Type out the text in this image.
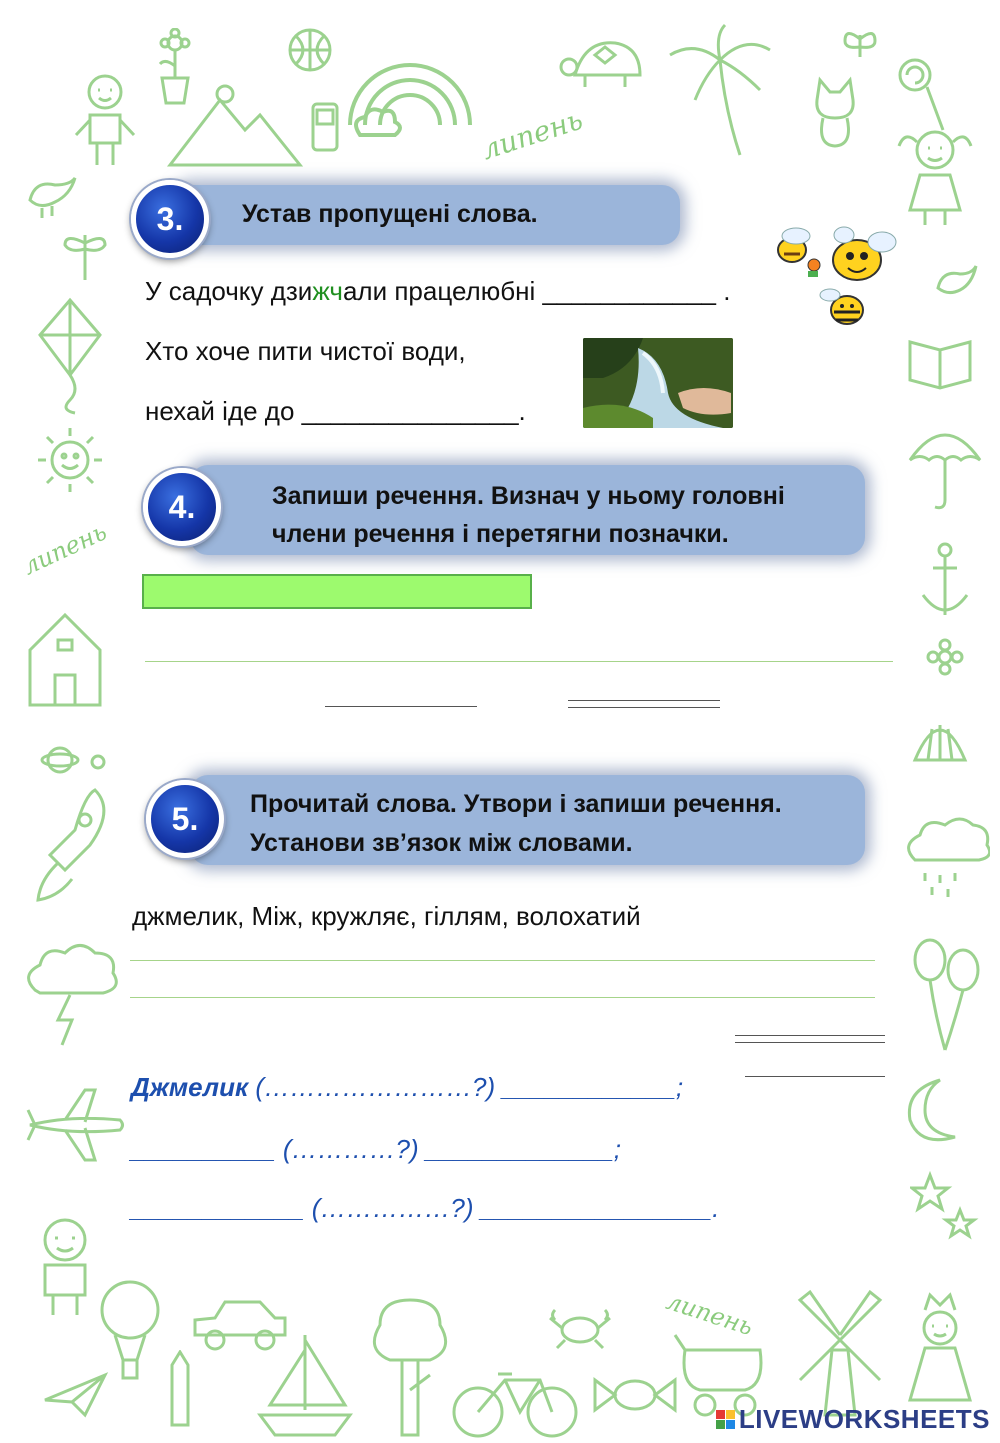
липень
липень
липень
3.	Устав пропущені слова.
У садочку дзижчали працелюбні ____________ .
Хто хоче пити чистої води,
нехай іде до _______________.
4.	Запиши речення. Визнач у ньому головні
члени речення і перетягни позначки.
5.	Прочитай слова. Утвори і запиши речення.
Установи зв’язок між словами.
джмелик, Між, кружляє, гіллям, волохатий
Джмелик (……………………?) ____________;
__________ (…………?) _____________;
____________ (……………?) ________________.
LIVEWORKSHEETS
